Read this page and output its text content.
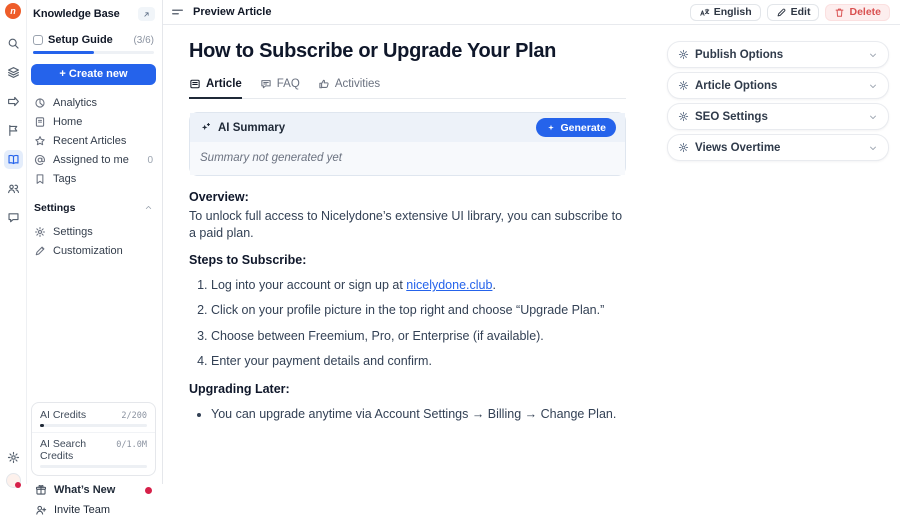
n	Knowledge Base
Setup Guide	(3/6)
+ Create new
Analytics
Home
Recent Articles
Assigned to me 0
Tags
Settings
Settings
Customization
AI Credits	2/200
AI Search Credits
0/1.0M
What’s New
Invite Team
Preview Article	English	Edit	Delete
How to Subscribe or Upgrade Your Plan
Article	FAQ	Activities
AI Summary	Generate
Summary not generated yet
Overview:
To unlock full access to Nicelydone’s extensive UI library, you can subscribe to a paid plan.
Steps to Subscribe:
1. Log into your account or sign up at nicelydone.club.
2. Click on your profile picture in the top right and choose “Upgrade Plan.”
3. Choose between Freemium, Pro, or Enterprise (if available).
4. Enter your payment details and confirm.
Upgrading Later:
• You can upgrade anytime via Account Settings → Billing → Change Plan.
Publish Options
Article Options
SEO Settings
Views Overtime
